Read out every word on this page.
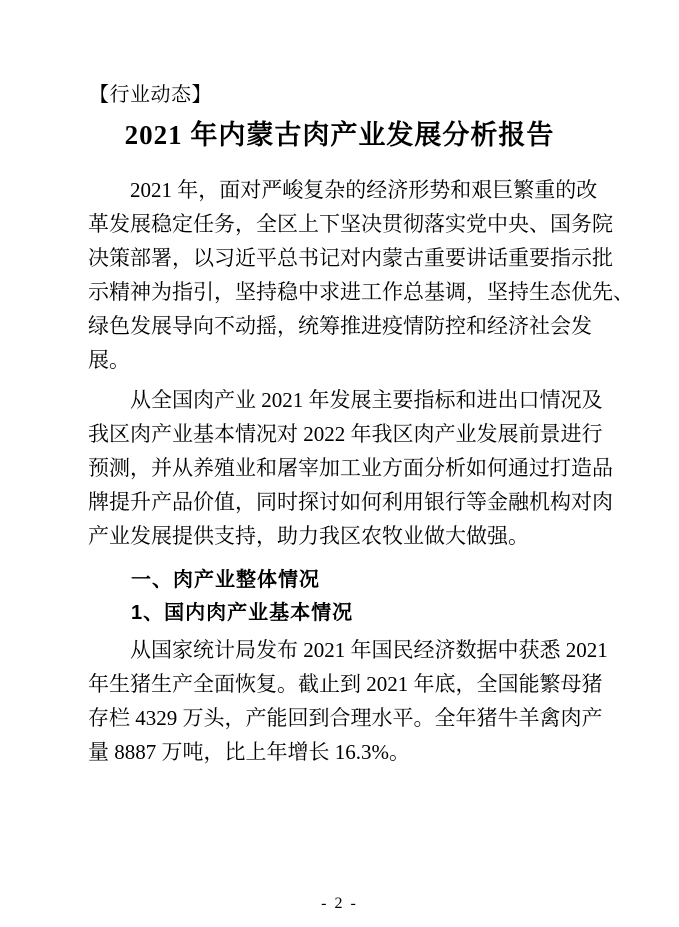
【行业动态】
2021 年内蒙古肉产业发展分析报告
2021 年，面对严峻复杂的经济形势和艰巨繁重的改
革发展稳定任务，全区上下坚决贯彻落实党中央、国务院
决策部署，以习近平总书记对内蒙古重要讲话重要指示批
示精神为指引，坚持稳中求进工作总基调，坚持生态优先、
绿色发展导向不动摇，统筹推进疫情防控和经济社会发
展。
从全国肉产业 2021 年发展主要指标和进出口情况及
我区肉产业基本情况对 2022 年我区肉产业发展前景进行
预测，并从养殖业和屠宰加工业方面分析如何通过打造品
牌提升产品价值，同时探讨如何利用银行等金融机构对肉
产业发展提供支持，助力我区农牧业做大做强。
一、肉产业整体情况
1、国内肉产业基本情况
从国家统计局发布 2021 年国民经济数据中获悉 2021
年生猪生产全面恢复。截止到 2021 年底，全国能繁母猪
存栏 4329 万头，产能回到合理水平。全年猪牛羊禽肉产
量 8887 万吨，比上年增长 16.3%。
- 2 -
